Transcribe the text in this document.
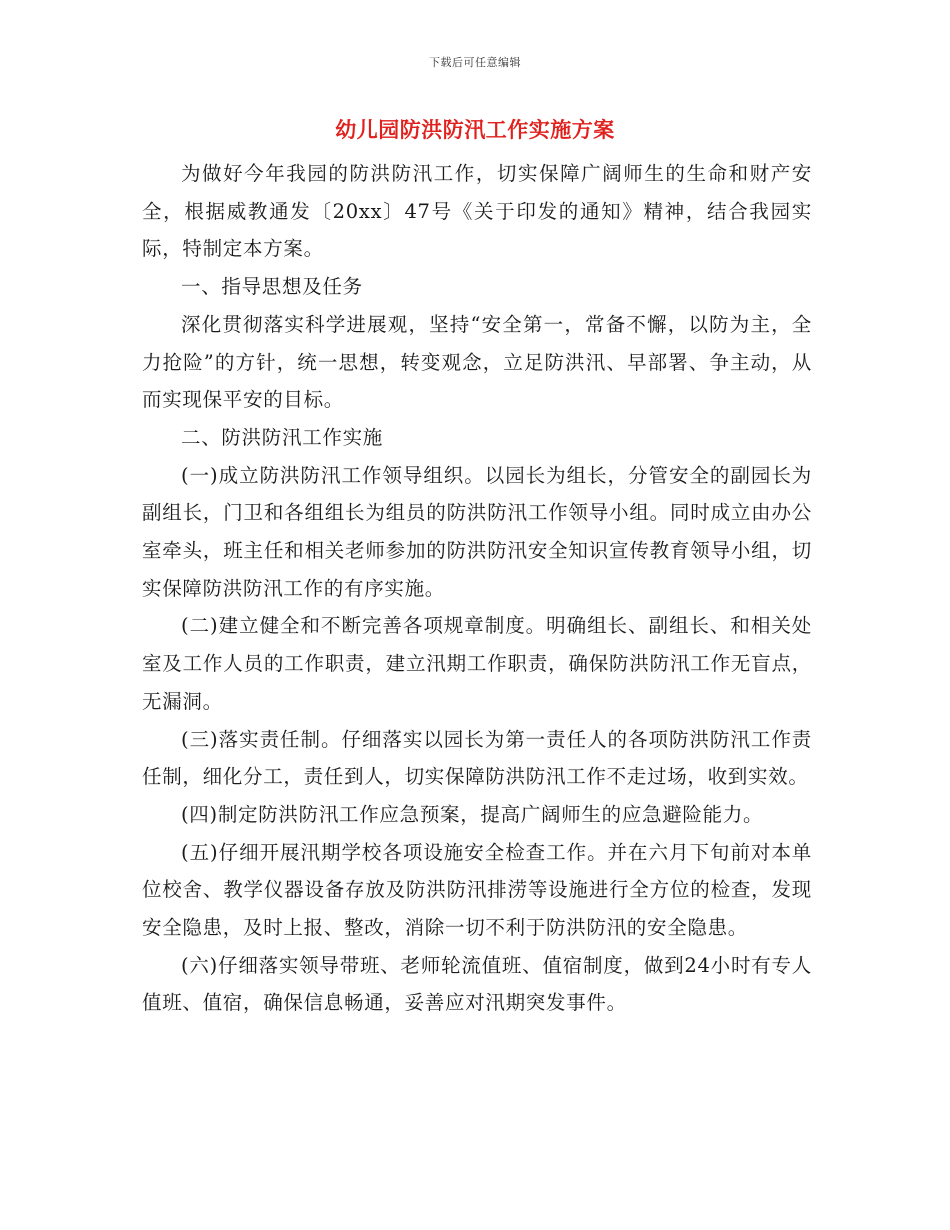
下载后可任意编辑
幼儿园防洪防汛工作实施方案

为做好今年我园的防洪防汛工作，切实保障广阔师生的生命和财产安全，根据威教通发〔20xx〕47号《关于印发的通知》精神，结合我园实际，特制定本方案。

一、指导思想及任务

深化贯彻落实科学进展观，坚持“安全第一，常备不懈，以防为主，全力抢险”的方针，统一思想，转变观念，立足防洪汛、早部署、争主动，从而实现保平安的目标。

二、防洪防汛工作实施

(一)成立防洪防汛工作领导组织。以园长为组长，分管安全的副园长为副组长，门卫和各组组长为组员的防洪防汛工作领导小组。同时成立由办公室牵头，班主任和相关老师参加的防洪防汛安全知识宣传教育领导小组，切实保障防洪防汛工作的有序实施。

(二)建立健全和不断完善各项规章制度。明确组长、副组长、和相关处室及工作人员的工作职责，建立汛期工作职责，确保防洪防汛工作无盲点，无漏洞。

(三)落实责任制。仔细落实以园长为第一责任人的各项防洪防汛工作责任制，细化分工，责任到人，切实保障防洪防汛工作不走过场，收到实效。

(四)制定防洪防汛工作应急预案，提高广阔师生的应急避险能力。

(五)仔细开展汛期学校各项设施安全检查工作。并在六月下旬前对本单位校舍、教学仪器设备存放及防洪防汛排涝等设施进行全方位的检查，发现安全隐患，及时上报、整改，消除一切不利于防洪防汛的安全隐患。

(六)仔细落实领导带班、老师轮流值班、值宿制度，做到24小时有专人值班、值宿，确保信息畅通，妥善应对汛期突发事件。
